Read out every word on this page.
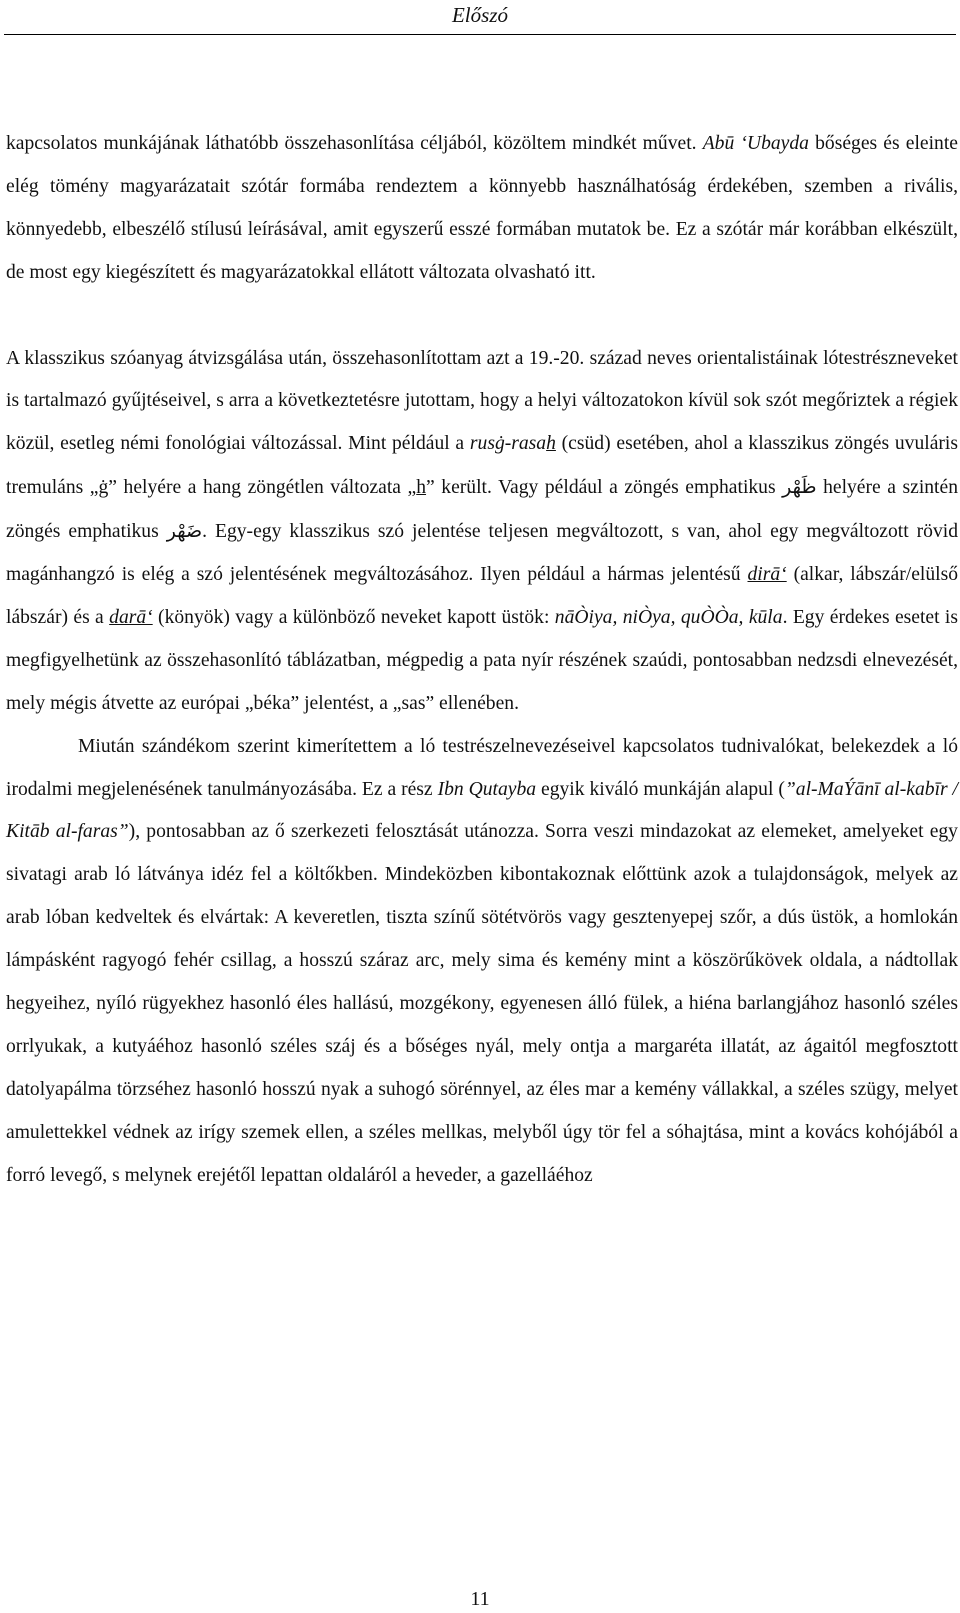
Előszó

kapcsolatos munkájának láthatóbb összehasonlítása céljából, közöltem mindkét művet. Abū ‘Ubayda bőséges és eleinte elég tömény magyarázatait szótár formába rendeztem a könnyebb használhatóság érdekében, szemben a rivális, könnyedebb, elbeszélő stílusú leírásával, amit egyszerű esszé formában mutatok be. Ez a szótár már korábban elkészült, de most egy kiegészített és magyarázatokkal ellátott változata olvasható itt.

A klasszikus szóanyag átvizsgálása után, összehasonlítottam azt a 19.-20. század neves orientalistáinak lótestrészneveket is tartalmazó gyűjtéseivel, s arra a következtetésre jutottam, hogy a helyi változatokon kívül sok szót megőriztek a régiek közül, esetleg némi fonológiai változással. Mint például a rusġ-rasah (csüd) esetében, ahol a klasszikus zöngés uvuláris tremuláns „ġ” helyére a hang zöngétlen változata „h” került. Vagy például a zöngés emphatikus ظَهْر helyére a szintén zöngés emphatikus ضَهْر. Egy-egy klasszikus szó jelentése teljesen megváltozott, s van, ahol egy megváltozott rövid magánhangzó is elég a szó jelentésének megváltozásához. Ilyen például a hármas jelentésű dirā‘ (alkar, lábszár/elülső lábszár) és a darā‘ (könyök) vagy a különböző neveket kapott üstök: nāÒiya, niÒya, quÒÒa, kūla. Egy érdekes esetet is megfigyelhetünk az összehasonlító táblázatban, mégpedig a pata nyír részének szaúdi, pontosabban nedzsdi elnevezését, mely mégis átvette az európai „béka” jelentést, a „sas” ellenében.

Miután szándékom szerint kimerítettem a ló testrészelnevezéseivel kapcsolatos tudnivalókat, belekezdek a ló irodalmi megjelenésének tanulmányozásába. Ez a rész Ibn Qutayba egyik kiváló munkáján alapul (”al-MaÝānī al-kabīr / Kitāb al-faras”), pontosabban az ő szerkezeti felosztását utánozza. Sorra veszi mindazokat az elemeket, amelyeket egy sivatagi arab ló látványa idéz fel a költőkben. Mindeközben kibontakoznak előttünk azok a tulajdonságok, melyek az arab lóban kedveltek és elvártak: A keveretlen, tiszta színű sötétvörös vagy gesztenyepej szőr, a dús üstök, a homlokán lámpásként ragyogó fehér csillag, a hosszú száraz arc, mely sima és kemény mint a köszörűkövek oldala, a nádtollak hegyeihez, nyíló rügyekhez hasonló éles hallású, mozgékony, egyenesen álló fülek, a hiéna barlangjához hasonló széles orrlyukak, a kutyáéhoz hasonló széles száj és a bőséges nyál, mely ontja a margaréta illatát, az ágaitól megfosztott datolyapálma törzséhez hasonló hosszú nyak a suhogó sörénnyel, az éles mar a kemény vállakkal, a széles szügy, melyet amulettekkel védnek az irígy szemek ellen, a széles mellkas, melyből úgy tör fel a sóhajtása, mint a kovács kohójából a forró levegő, s melynek erejétől lepattan oldaláról a heveder, a gazelláéhoz

11
